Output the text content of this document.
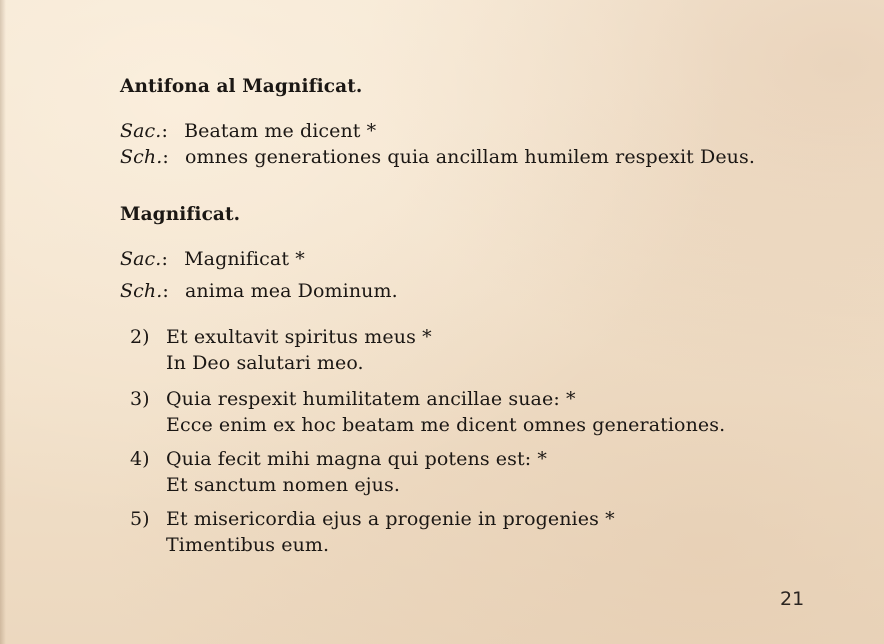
Antifona al Magnificat.
Sac.: Beatam me dicent *
Sch.: omnes generationes quia ancillam humilem respexit Deus.
Magnificat.
Sac.: Magnificat *
Sch.: anima mea Dominum.
2) Et exultavit spiritus meus *
In Deo salutari meo.
3) Quia respexit humilitatem ancillae suae: *
Ecce enim ex hoc beatam me dicent omnes generationes.
4) Quia fecit mihi magna qui potens est: *
Et sanctum nomen ejus.
5) Et misericordia ejus a progenie in progenies *
Timentibus eum.
21
